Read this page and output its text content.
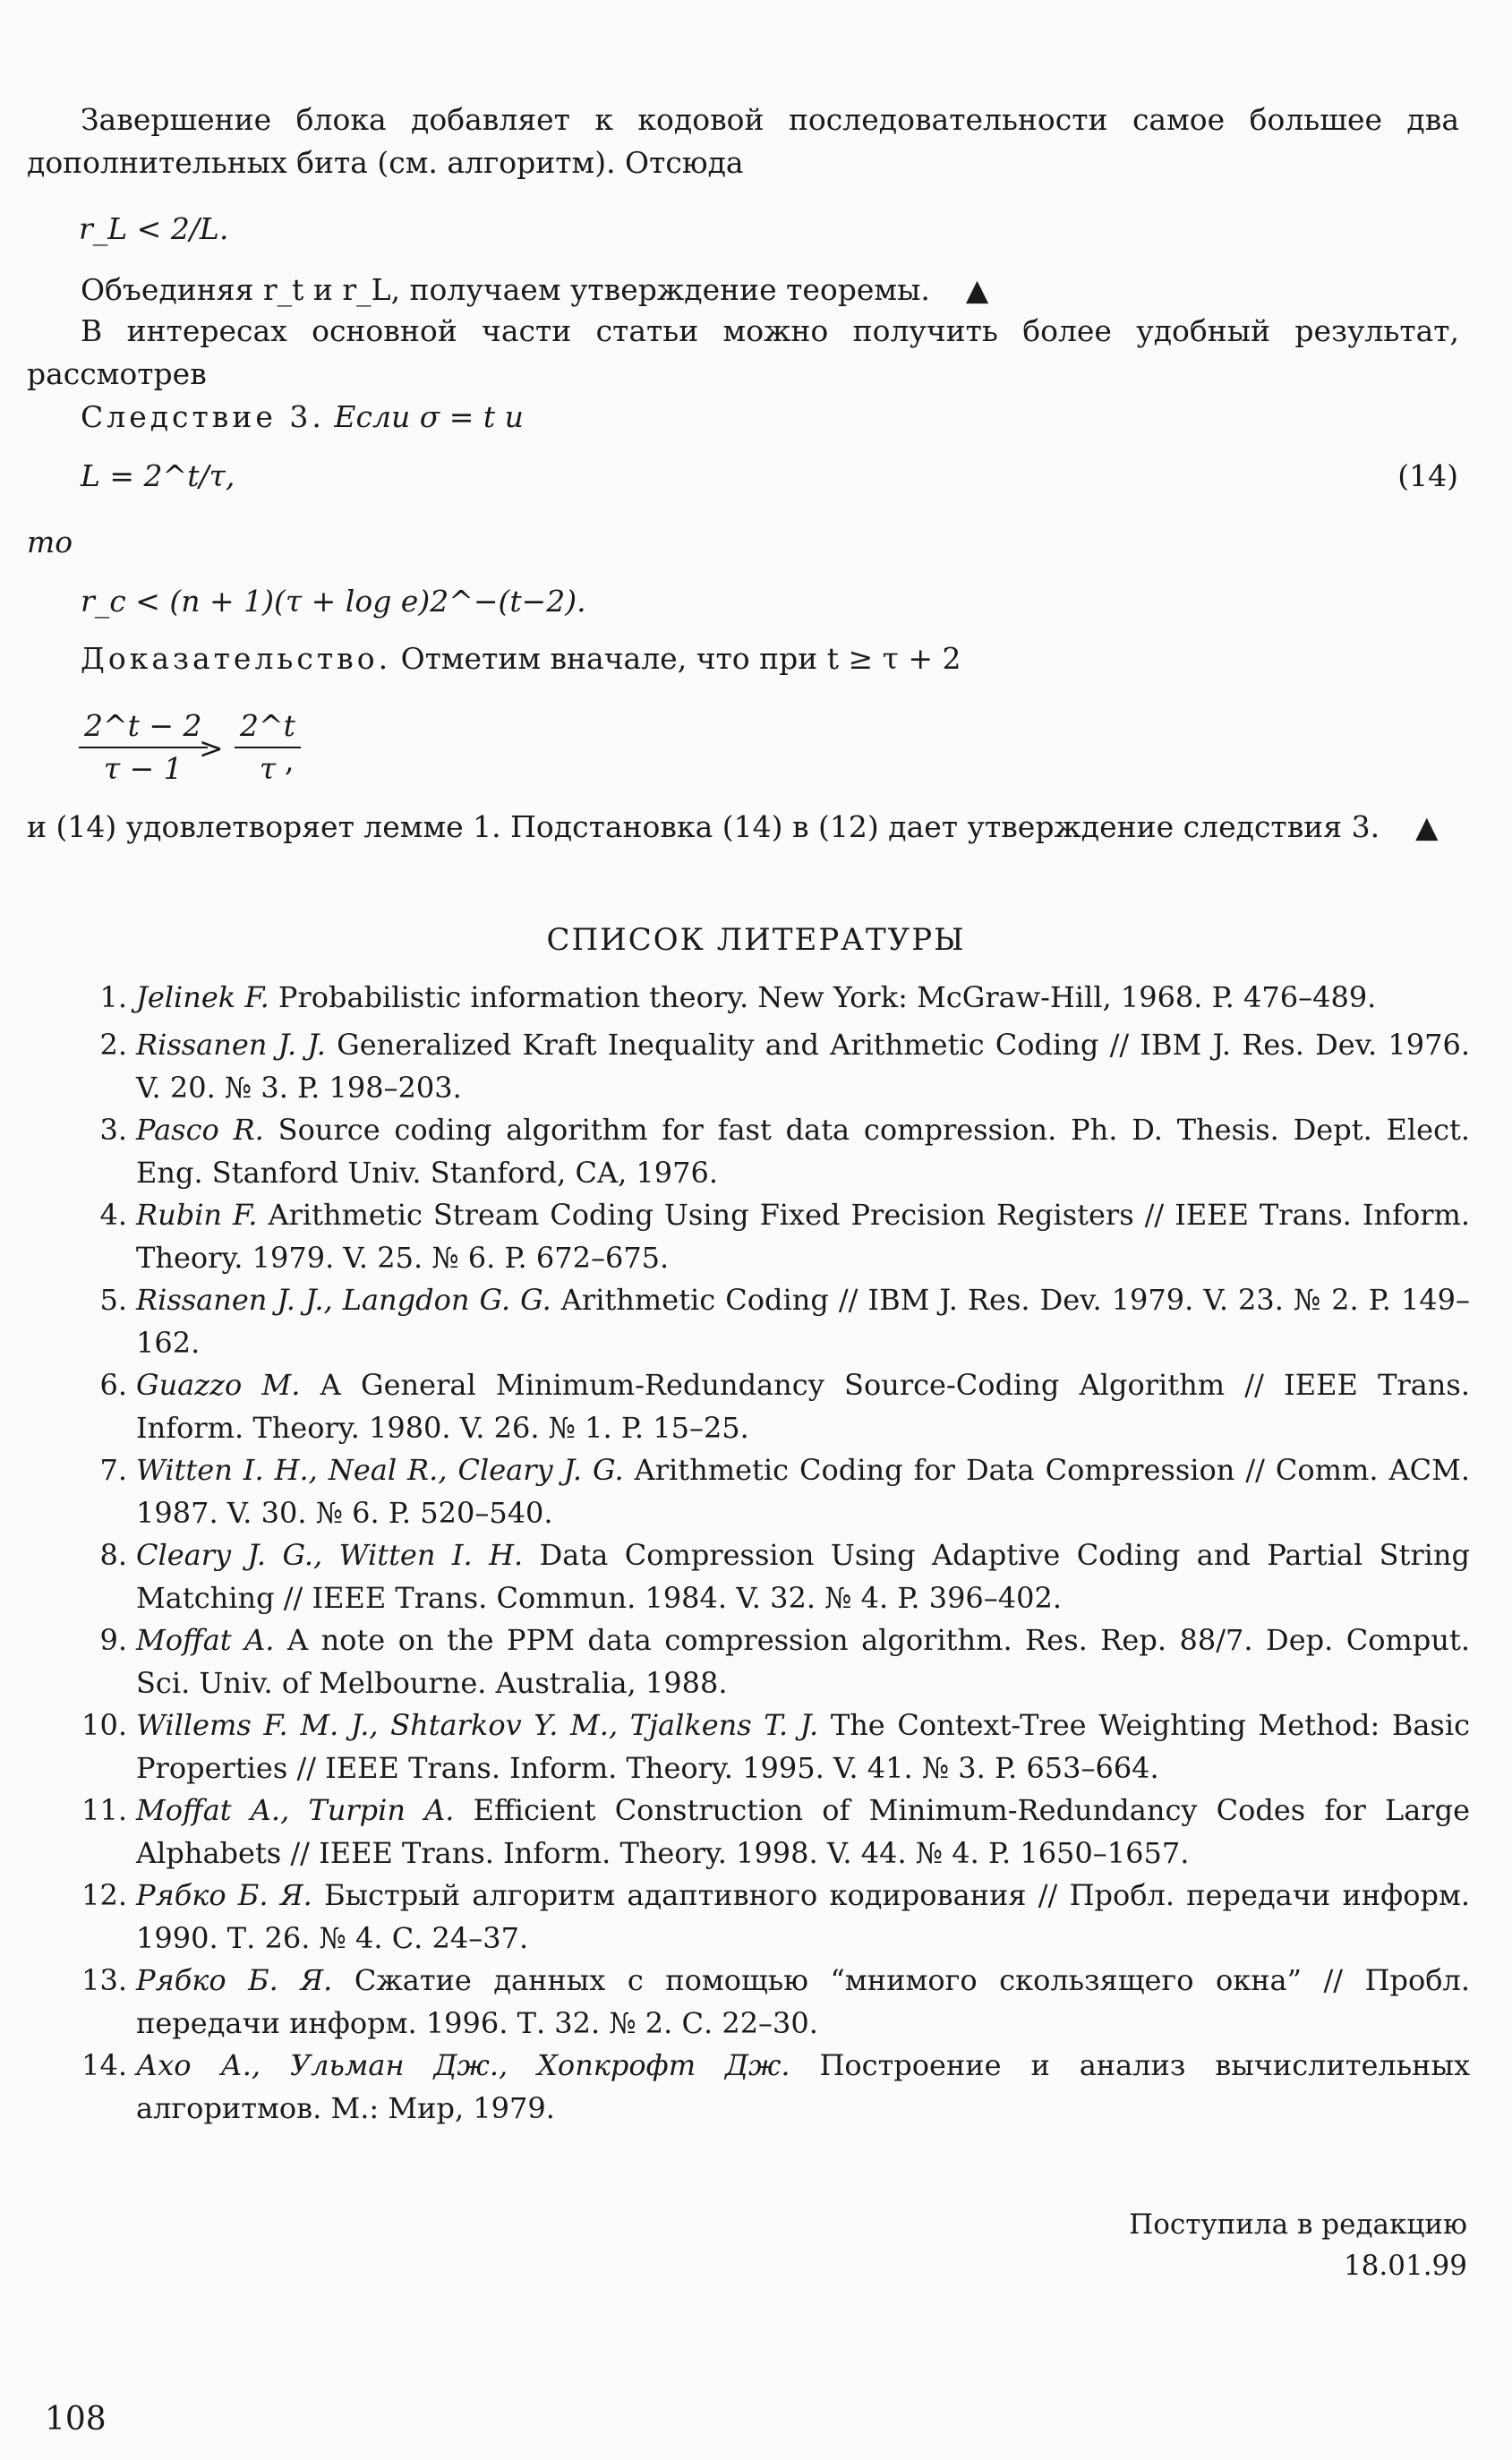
Завершение блока добавляет к кодовой последовательности самое большее два дополнительных бита (см. алгоритм). Отсюда
r_L < 2/L.
Объединяя r_t и r_L, получаем утверждение теоремы. ▲
В интересах основной части статьи можно получить более удобный результат, рассмотрев
Следствие 3. Если σ = t и
L = 2^t/τ,	(14)
то
r_c < (n + 1)(τ + log e)2^−(t−2).
Доказательство. Отметим вначале, что при t ≥ τ + 2
$\frac{2\^{}t - 2}{\tau - 1}$
> $\frac{2\^{}t}{\tau}$
,
и (14) удовлетворяет лемме 1. Подстановка (14) в (12) дает утверждение следствия 3. ▲
СПИСОК ЛИТЕРАТУРЫ
1. Jelinek F. Probabilistic information theory. New York: McGraw-Hill, 1968. P. 476–489.
2. Rissanen J. J. Generalized Kraft Inequality and Arithmetic Coding // IBM J. Res. Dev. 1976. V. 20. № 3. P. 198–203.
3. Pasco R. Source coding algorithm for fast data compression. Ph. D. Thesis. Dept. Elect. Eng. Stanford Univ. Stanford, CA, 1976.
4. Rubin F. Arithmetic Stream Coding Using Fixed Precision Registers // IEEE Trans. Inform. Theory. 1979. V. 25. № 6. P. 672–675.
5. Rissanen J. J., Langdon G. G. Arithmetic Coding // IBM J. Res. Dev. 1979. V. 23. № 2. P. 149–162.
6. Guazzo M. A General Minimum-Redundancy Source-Coding Algorithm // IEEE Trans. Inform. Theory. 1980. V. 26. № 1. P. 15–25.
7. Witten I. H., Neal R., Cleary J. G. Arithmetic Coding for Data Compression // Comm. ACM. 1987. V. 30. № 6. P. 520–540.
8. Cleary J. G., Witten I. H. Data Compression Using Adaptive Coding and Partial String Matching // IEEE Trans. Commun. 1984. V. 32. № 4. P. 396–402.
9. Moffat A. A note on the PPM data compression algorithm. Res. Rep. 88/7. Dep. Comput. Sci. Univ. of Melbourne. Australia, 1988.
10. Willems F. M. J., Shtarkov Y. M., Tjalkens T. J. The Context-Tree Weighting Method: Basic Properties // IEEE Trans. Inform. Theory. 1995. V. 41. № 3. P. 653–664.
11. Moffat A., Turpin A. Efficient Construction of Minimum-Redundancy Codes for Large Alphabets // IEEE Trans. Inform. Theory. 1998. V. 44. № 4. P. 1650–1657.
12. Рябко Б. Я. Быстрый алгоритм адаптивного кодирования // Пробл. передачи информ. 1990. Т. 26. № 4. С. 24–37.
13. Рябко Б. Я. Сжатие данных с помощью “мнимого скользящего окна” // Пробл. передачи информ. 1996. Т. 32. № 2. С. 22–30.
14. Ахо А., Ульман Дж., Хопкрофт Дж. Построение и анализ вычислительных алгоритмов. М.: Мир, 1979.
Поступила в редакцию
18.01.99
108
